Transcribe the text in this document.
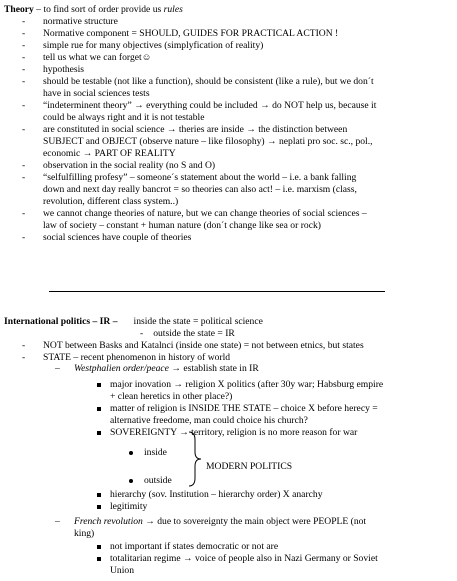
Theory – to find sort of order provide us rules
- normative structure
- Normative component = SHOULD, GUIDES FOR PRACTICAL ACTION !
- simple rue for many objectives (simplyfication of reality)
- tell us what we can forget☺
- hypothesis
- should be testable (not like a function), should be consistent (like a rule), but we don´t
have in social sciences tests
- “indeterminent theory” → everything could be included → do NOT help us, because it
could be always right and it is not testable
- are constituted in social science → theries are inside → the distinction between
SUBJECT and OBJECT (observe nature – like filosophy) → neplati pro soc. sc., pol.,
economic → PART OF REALITY
- observation in the social reality (no S and O)
- “selfulfilling profesy” – someone´s statement about the world – i.e. a bank falling
down and next day really bancrot = so theories can also act! – i.e. marxism (class,
revolution, different class system..)
- we cannot change theories of nature, but we can change theories of social sciences –
law of society – constant + human nature (don´t change like sea or rock)
- social sciences have couple of theories
International politics – IR – inside the state = political science
- outside the state = IR
- NOT between Basks and Katalnci (inside one state) = not between etnics, but states
- STATE – recent phenomenon in history of world
– Westphalien order/peace → establish state in IR
major inovation → religion X politics (after 30y war; Habsburg empire
+ clean heretics in other place?)
matter of religion is INSIDE THE STATE – choice X before herecy =
alternative freedome, man could choice his church?
SOVEREIGNTY → territory, religion is no more reason for war
inside
outside
MODERN POLITICS
hierarchy (sov. Institution – hierarchy order) X anarchy
legitimity
– French revolution → due to sovereignty the main object were PEOPLE (not
king)
not important if states democratic or not are
totalitarian regime → voice of people also in Nazi Germany or Soviet
Union
